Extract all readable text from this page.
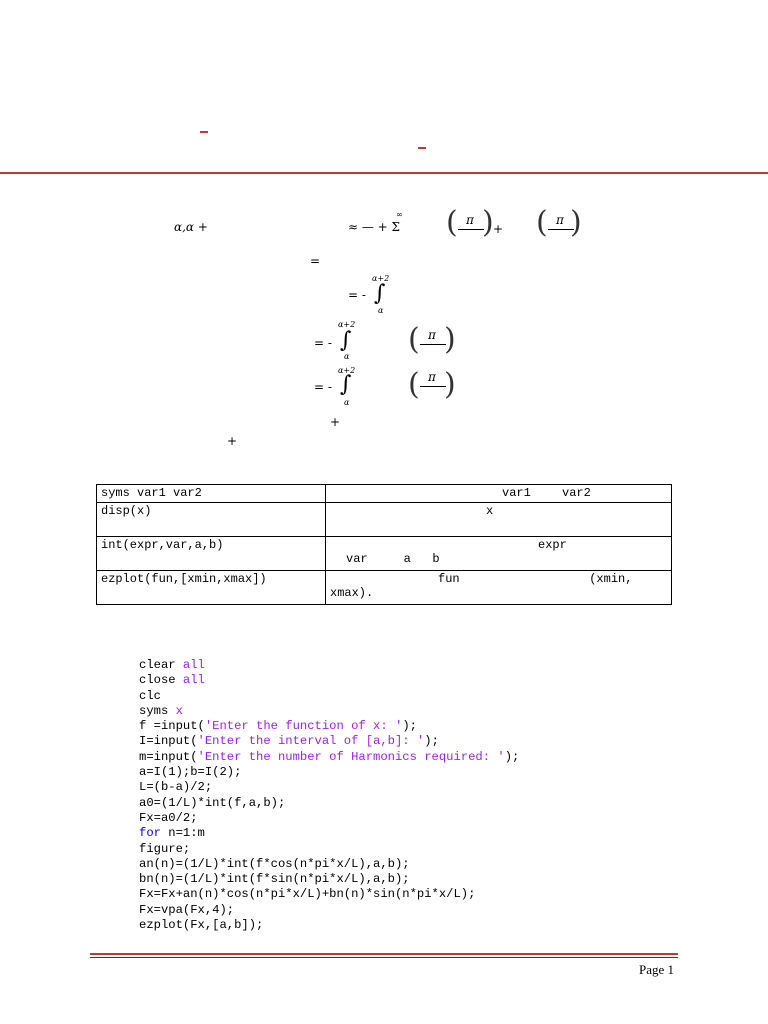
α,α +	≈ — + Σ
∞ ( π ) + ( π )
=
α+2
= - ∫
α
α+2
= - ∫
α ( π )
α+2
= - ∫
α
( π )
+
+
syms var1 var2	var1 var2
disp(x)	x
int(expr,var,a,b)	expr
var     a   b

ezplot(fun,[xmin,xmax])	fun                  (xmin,
xmax).
clear all
close all
clc
syms x
f =input('Enter the function of x: ');
I=input('Enter the interval of [a,b]: ');
m=input('Enter the number of Harmonics required: ');
a=I(1);b=I(2);
L=(b-a)/2;
a0=(1/L)*int(f,a,b);
Fx=a0/2;
for n=1:m
figure;
an(n)=(1/L)*int(f*cos(n*pi*x/L),a,b);
bn(n)=(1/L)*int(f*sin(n*pi*x/L),a,b);
Fx=Fx+an(n)*cos(n*pi*x/L)+bn(n)*sin(n*pi*x/L);
Fx=vpa(Fx,4);
ezplot(Fx,[a,b]);
Page 1
